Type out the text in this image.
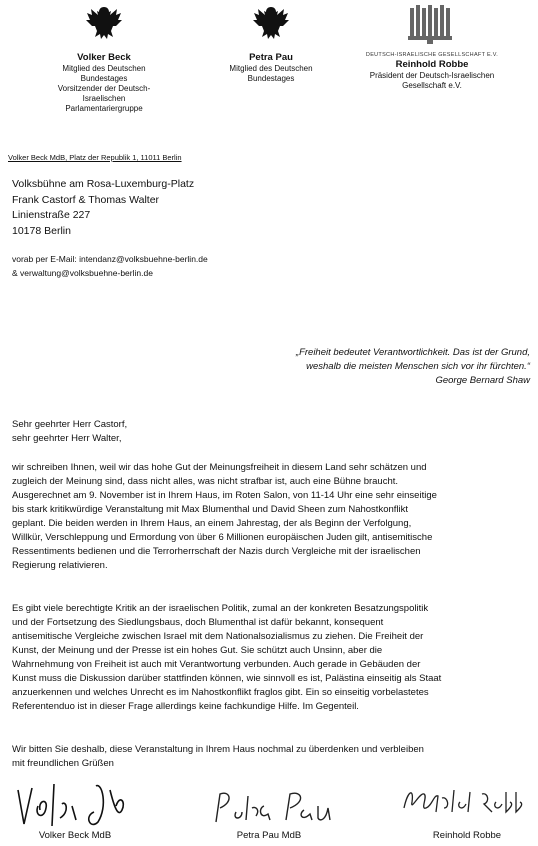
Volker Beck
Mitglied des Deutschen
Bundestages
Vorsitzender der Deutsch-
Israelischen Parlamentariergruppe
Petra Pau
Mitglied des Deutschen
Bundestages
DEUTSCH-ISRAELISCHE GESELLSCHAFT E.V.
Reinhold Robbe
Präsident der Deutsch-Israelischen
Gesellschaft e.V.
Volker Beck MdB, Platz der Republik 1, 11011 Berlin
Volksbühne am Rosa-Luxemburg-Platz
Frank Castorf & Thomas Walter
Linienstraße 227
10178 Berlin
vorab per E-Mail: intendanz@volksbuehne-berlin.de
& verwaltung@volksbuehne-berlin.de
„Freiheit bedeutet Verantwortlichkeit. Das ist der Grund,
weshalb die meisten Menschen sich vor ihr fürchten.“
George Bernard Shaw
Sehr geehrter Herr Castorf,
sehr geehrter Herr Walter,
wir schreiben Ihnen, weil wir das hohe Gut der Meinungsfreiheit in diesem Land sehr schätzen und
zugleich der Meinung sind, dass nicht alles, was nicht strafbar ist, auch eine Bühne braucht.
Ausgerechnet am 9. November ist in Ihrem Haus, im Roten Salon, von 11-14 Uhr eine sehr einseitige
bis stark kritikwürdige Veranstaltung mit Max Blumenthal und David Sheen zum Nahostkonflikt
geplant. Die beiden werden in Ihrem Haus, an einem Jahrestag, der als Beginn der Verfolgung,
Willkür, Verschleppung und Ermordung von über 6 Millionen europäischen Juden gilt, antisemitische
Ressentiments bedienen und die Terrorherrschaft der Nazis durch Vergleiche mit der israelischen
Regierung relativieren.
Es gibt viele berechtigte Kritik an der israelischen Politik, zumal an der konkreten Besatzungspolitik
und der Fortsetzung des Siedlungsbaus, doch Blumenthal ist dafür bekannt, konsequent
antisemitische Vergleiche zwischen Israel mit dem Nationalsozialismus zu ziehen. Die Freiheit der
Kunst, der Meinung und der Presse ist ein hohes Gut. Sie schützt auch Unsinn, aber die
Wahrnehmung von Freiheit ist auch mit Verantwortung verbunden. Auch gerade in Gebäuden der
Kunst muss die Diskussion darüber stattfinden können, wie sinnvoll es ist, Palästina einseitig als Staat
anzuerkennen und welches Unrecht es im Nahostkonflikt fraglos gibt. Ein so einseitig vorbelastetes
Referentenduo ist in dieser Frage allerdings keine fachkundige Hilfe. Im Gegenteil.
Wir bitten Sie deshalb, diese Veranstaltung in Ihrem Haus nochmal zu überdenken und verbleiben
mit freundlichen Grüßen
Volker Beck MdB	Petra Pau MdB	Reinhold Robbe
